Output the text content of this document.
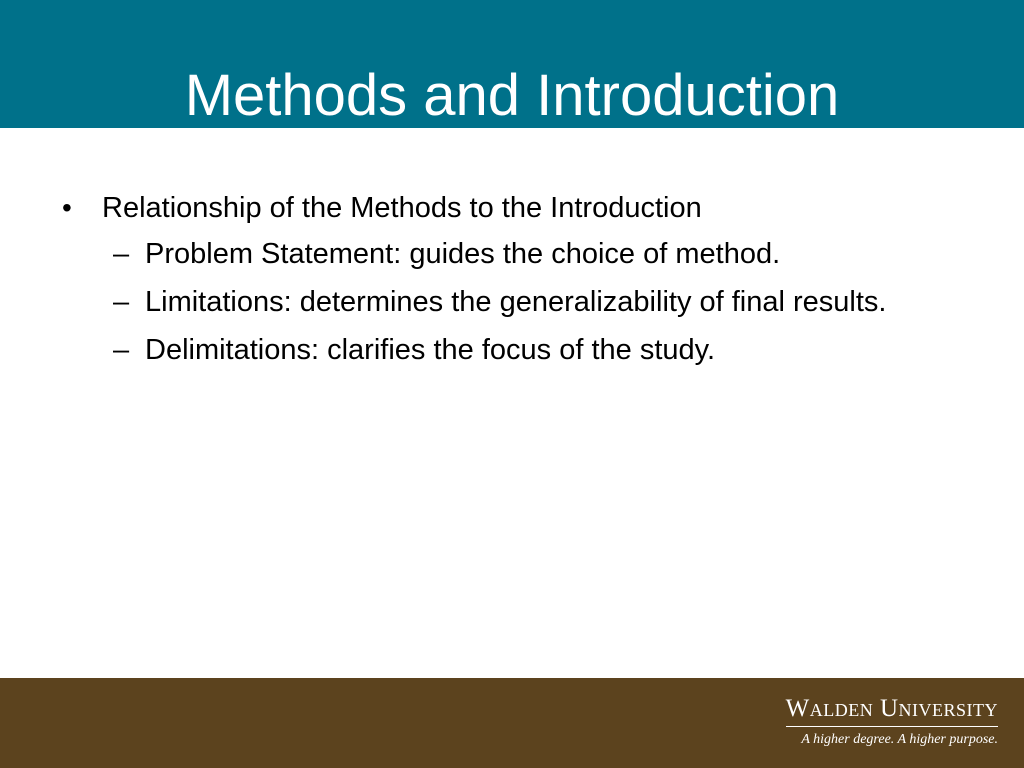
Methods and Introduction
• Relationship of the Methods to the Introduction
– Problem Statement: guides the choice of method.
– Limitations: determines the generalizability of final results.
– Delimitations: clarifies the focus of the study.
Walden University
A higher degree. A higher purpose.
